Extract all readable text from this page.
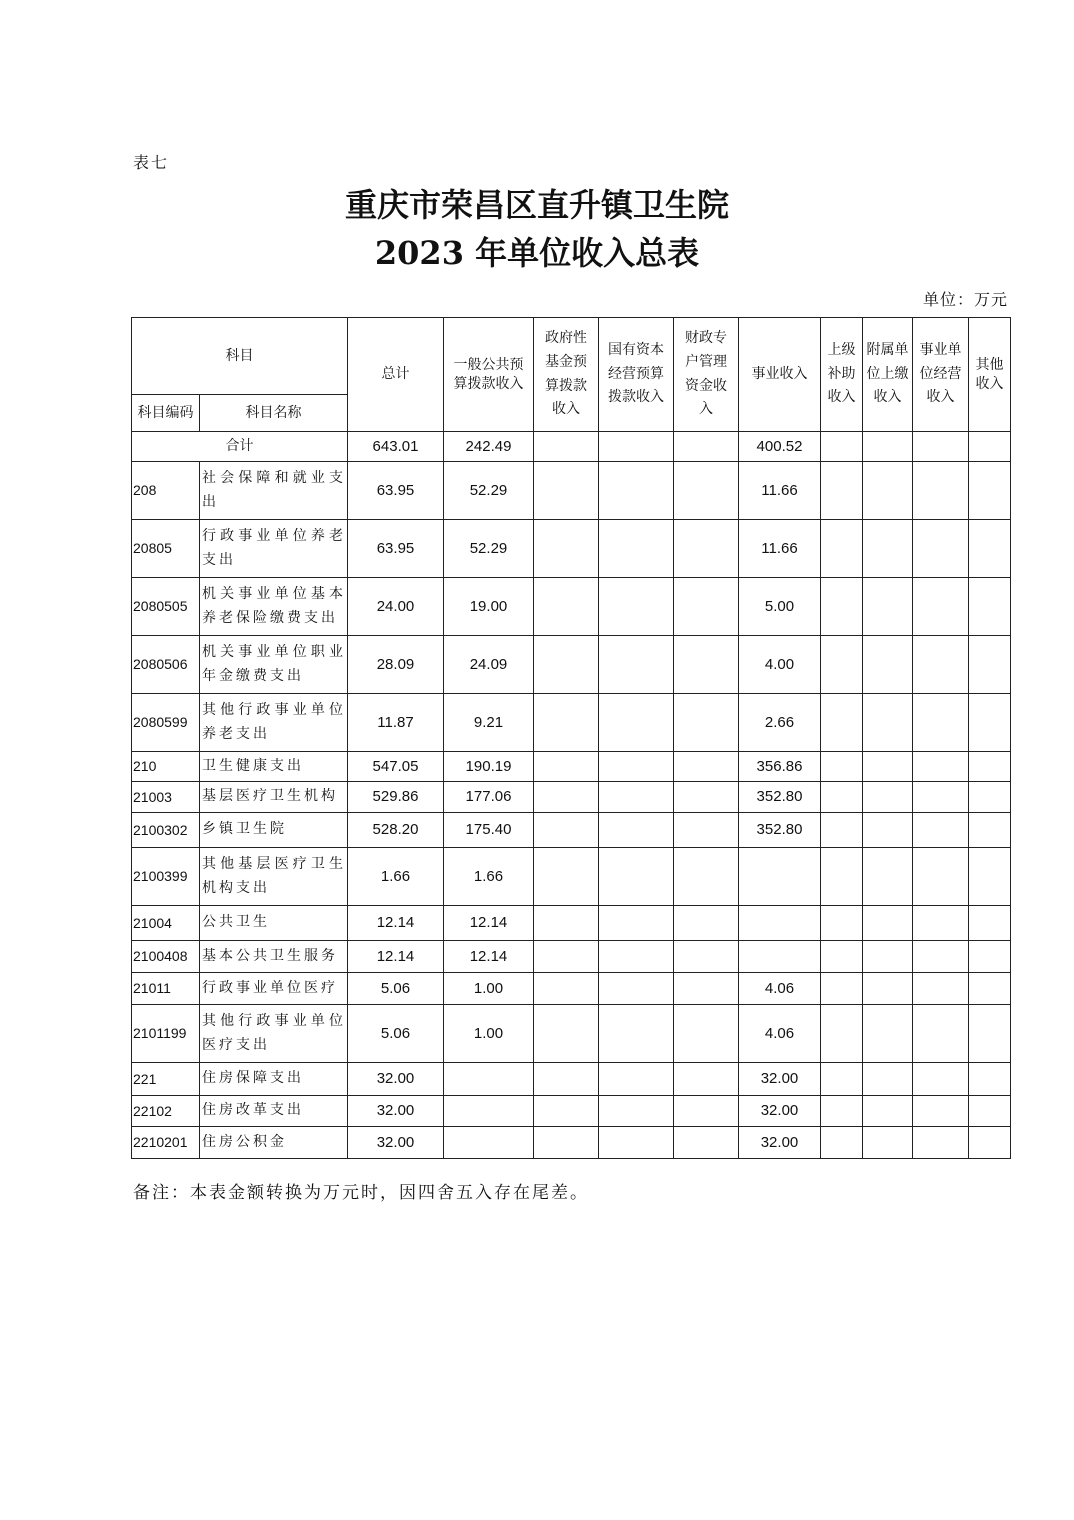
表七
重庆市荣昌区直升镇卫生院
2023 年单位收入总表
单位：万元
科目		总计	一般公共预算拨款收入	政府性基金预算拨款收入	国有资本经营预算拨款收入	财政专户管理资金收入	事业收入	上级补助收入	附属单位上缴收入	事业单位经营收入	其他收入
科目编码	科目名称										
合计		643.01	242.49				400.52				
208	社会保障和就业支出	63.95	52.29				11.66				
20805	行政事业单位养老支出	63.95	52.29				11.66				
2080505	机关事业单位基本养老保险缴费支出	24.00	19.00				5.00				
2080506	机关事业单位职业年金缴费支出	28.09	24.09				4.00				
2080599	其他行政事业单位养老支出	11.87	9.21				2.66				
210	卫生健康支出	547.05	190.19				356.86				
21003	基层医疗卫生机构	529.86	177.06				352.80				
2100302	乡镇卫生院	528.20	175.40				352.80				
2100399	其他基层医疗卫生机构支出	1.66	1.66								
21004	公共卫生	12.14	12.14								
2100408	基本公共卫生服务	12.14	12.14								
21011	行政事业单位医疗	5.06	1.00				4.06				
2101199	其他行政事业单位医疗支出	5.06	1.00				4.06				
221	住房保障支出	32.00					32.00				
22102	住房改革支出	32.00					32.00				
2210201	住房公积金	32.00					32.00				
备注：本表金额转换为万元时，因四舍五入存在尾差。
